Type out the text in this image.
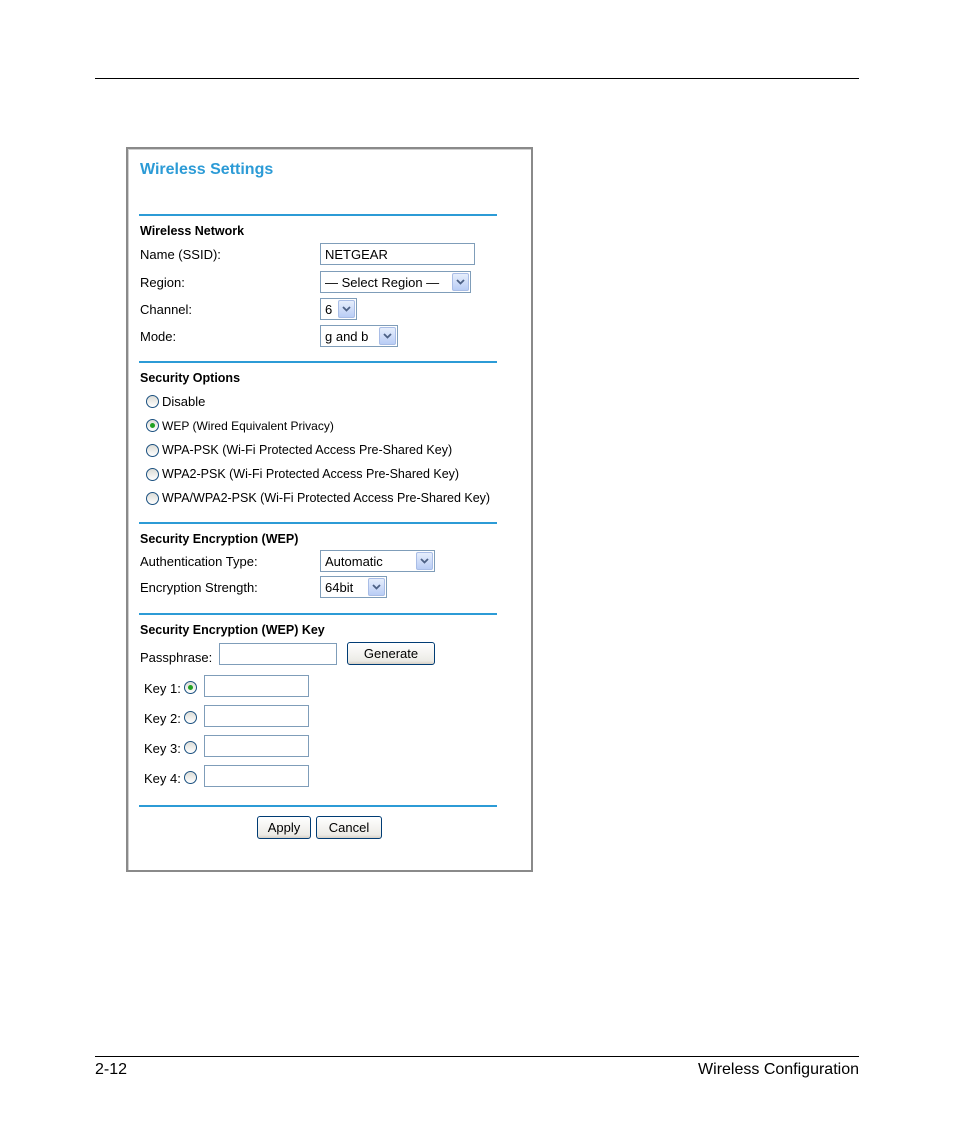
Wireless Settings
Wireless Network
Name (SSID):	NETGEAR
Region:	— Select Region —
Channel:	6
Mode:	g and b
Security Options
Disable
WEP (Wired Equivalent Privacy)
WPA-PSK (Wi-Fi Protected Access Pre-Shared Key)
WPA2-PSK (Wi-Fi Protected Access Pre-Shared Key)
WPA/WPA2-PSK (Wi-Fi Protected Access Pre-Shared Key)
Security Encryption (WEP)
Authentication Type:	Automatic
Encryption Strength:	64bit
Security Encryption (WEP) Key
Passphrase:	Generate
Key 1:
Key 2:
Key 3:
Key 4:
Apply	Cancel
2-12	Wireless Configuration
